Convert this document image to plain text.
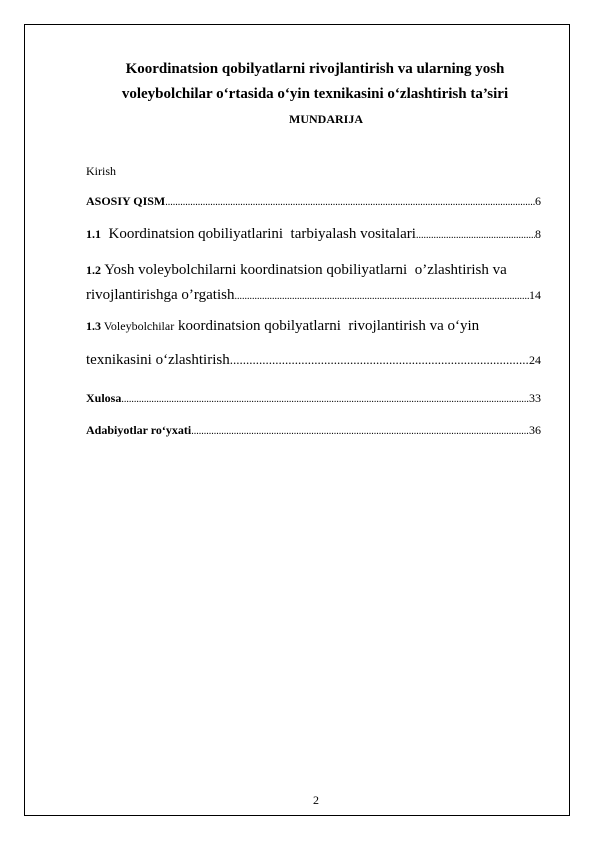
Koordinatsion qobilyatlarni rivojlantirish va ularning yosh
voleybolchilar o‘rtasida o‘yin texnikasini o‘zlashtirish ta’siri
MUNDARIJA
Kirish
ASOSIY QISM .....	6
1.1 Koordinatsion qobiliyatlarini  tarbiyalash vositalari .....	8
1.2 Yosh voleybolchilarni koordinatsion qobiliyatlarni  o’zlashtirish va
rivojlantirishga o’rgatish .....	14
1.3 Voleybolchilar koordinatsion qobilyatlarni  rivojlantirish va o‘yin
texnikasini o‘zlashtirish .....	24
Xulosa .....	33
Adabiyotlar ro‘yxati .....	36
2
